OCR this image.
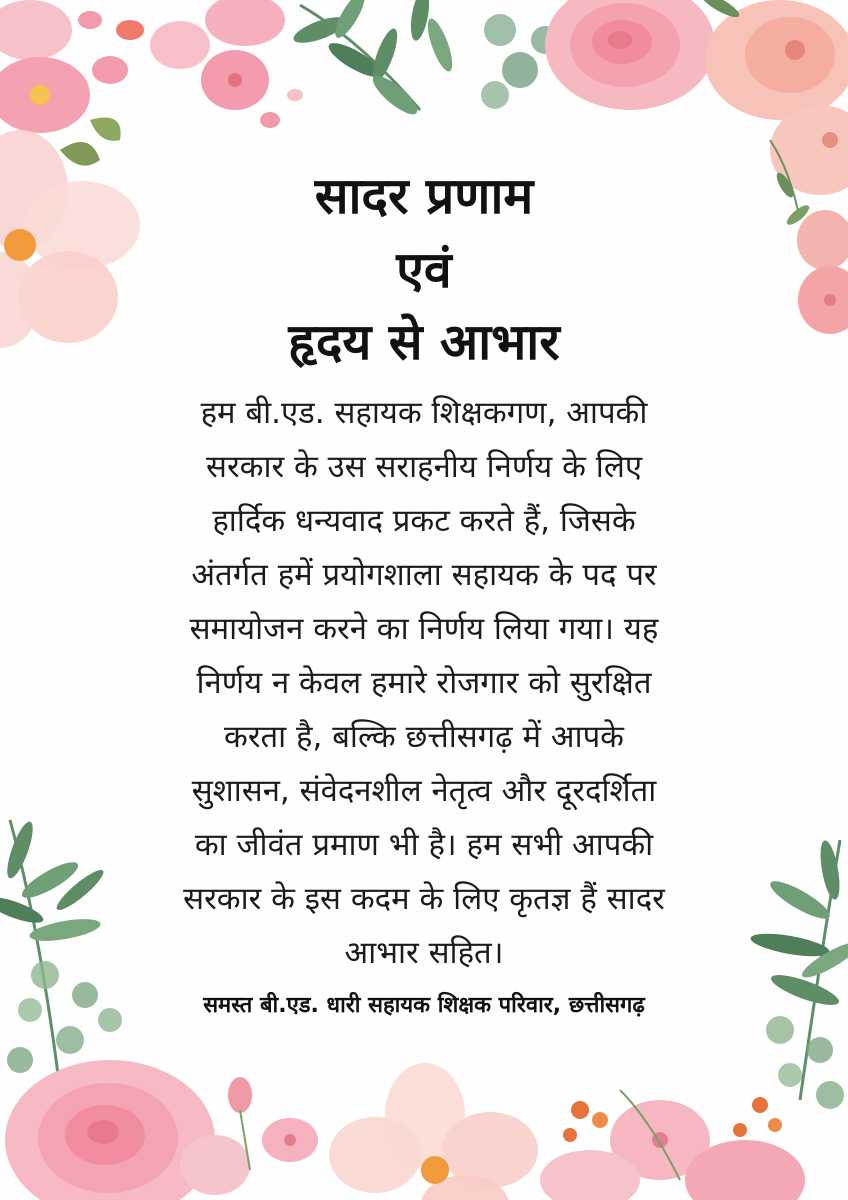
सादर प्रणाम
एवं
हृदय से आभार

हम बी.एड. सहायक शिक्षकगण, आपकी
सरकार के उस सराहनीय निर्णय के लिए
हार्दिक धन्यवाद प्रकट करते हैं, जिसके
अंतर्गत हमें प्रयोगशाला सहायक के पद पर
समायोजन करने का निर्णय लिया गया। यह
निर्णय न केवल हमारे रोजगार को सुरक्षित
करता है, बल्कि छत्तीसगढ़ में आपके
सुशासन, संवेदनशील नेतृत्व और दूरदर्शिता
का जीवंत प्रमाण भी है। हम सभी आपकी
सरकार के इस कदम के लिए कृतज्ञ हैं सादर
आभार सहित।

समस्त बी.एड. धारी सहायक शिक्षक परिवार, छत्तीसगढ़
